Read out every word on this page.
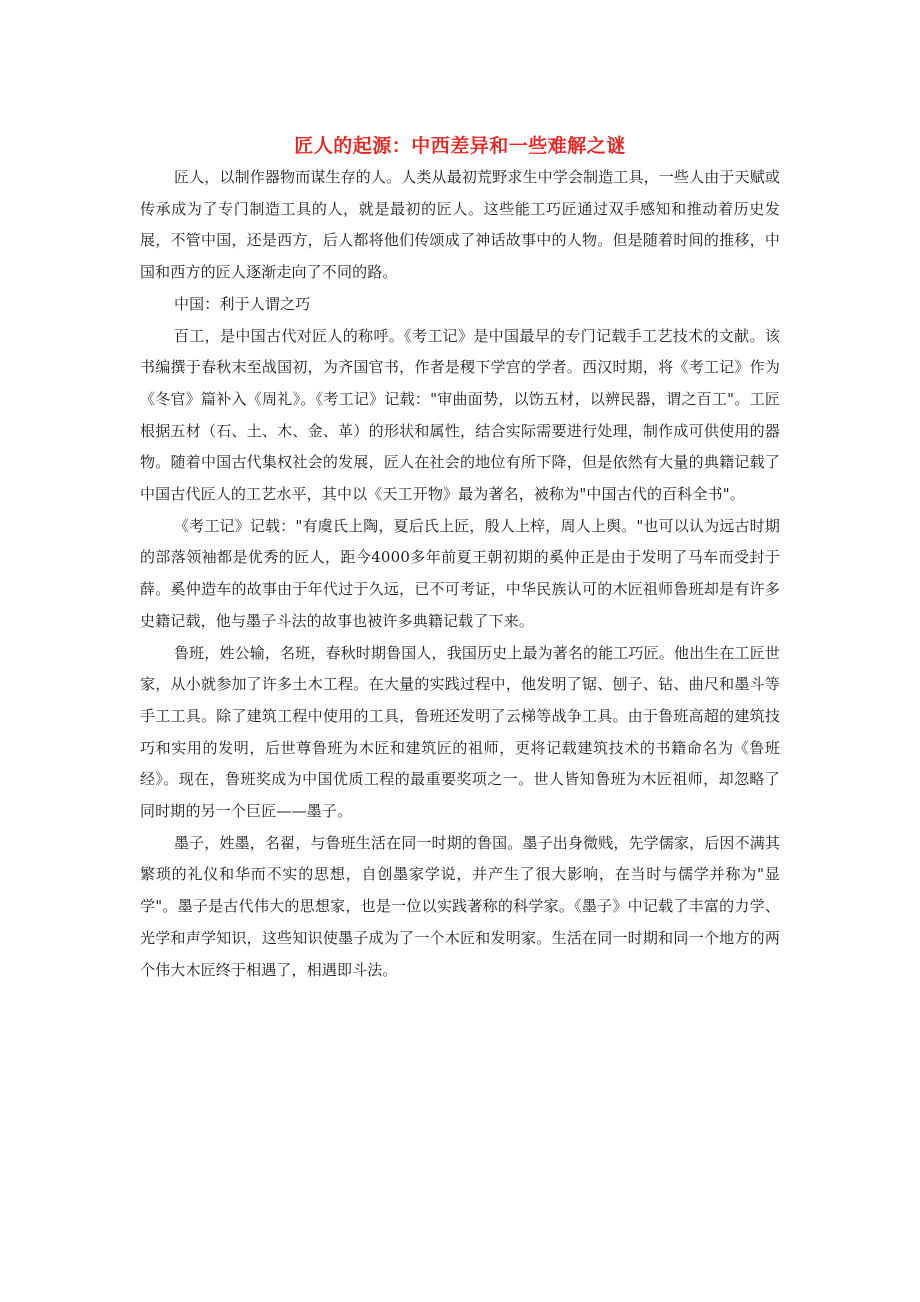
匠人的起源：中西差异和一些难解之谜

匠人，以制作器物而谋生存的人。人类从最初荒野求生中学会制造工具，一些人由于天赋或传承成为了专门制造工具的人，就是最初的匠人。这些能工巧匠通过双手感知和推动着历史发展，不管中国，还是西方，后人都将他们传颂成了神话故事中的人物。但是随着时间的推移，中国和西方的匠人逐渐走向了不同的路。

中国：利于人谓之巧

百工，是中国古代对匠人的称呼。《考工记》是中国最早的专门记载手工艺技术的文献。该书编撰于春秋末至战国初，为齐国官书，作者是稷下学宫的学者。西汉时期，将《考工记》作为《冬官》篇补入《周礼》。《考工记》记载："审曲面势，以饬五材，以辨民器，谓之百工"。工匠根据五材（石、土、木、金、革）的形状和属性，结合实际需要进行处理，制作成可供使用的器物。随着中国古代集权社会的发展，匠人在社会的地位有所下降，但是依然有大量的典籍记载了中国古代匠人的工艺水平，其中以《天工开物》最为著名，被称为"中国古代的百科全书"。

《考工记》记载："有虞氏上陶，夏后氏上匠，殷人上梓，周人上舆。"也可以认为远古时期的部落领袖都是优秀的匠人，距今4000多年前夏王朝初期的奚仲正是由于发明了马车而受封于薛。奚仲造车的故事由于年代过于久远，已不可考证，中华民族认可的木匠祖师鲁班却是有许多史籍记载，他与墨子斗法的故事也被许多典籍记载了下来。

鲁班，姓公输，名班，春秋时期鲁国人，我国历史上最为著名的能工巧匠。他出生在工匠世家，从小就参加了许多土木工程。在大量的实践过程中，他发明了锯、刨子、钻、曲尺和墨斗等手工工具。除了建筑工程中使用的工具，鲁班还发明了云梯等战争工具。由于鲁班高超的建筑技巧和实用的发明，后世尊鲁班为木匠和建筑匠的祖师，更将记载建筑技术的书籍命名为《鲁班经》。现在，鲁班奖成为中国优质工程的最重要奖项之一。世人皆知鲁班为木匠祖师，却忽略了同时期的另一个巨匠——墨子。

墨子，姓墨，名翟，与鲁班生活在同一时期的鲁国。墨子出身微贱，先学儒家，后因不满其繁琐的礼仪和华而不实的思想，自创墨家学说，并产生了很大影响，在当时与儒学并称为"显学"。墨子是古代伟大的思想家，也是一位以实践著称的科学家。《墨子》中记载了丰富的力学、光学和声学知识，这些知识使墨子成为了一个木匠和发明家。生活在同一时期和同一个地方的两个伟大木匠终于相遇了，相遇即斗法。
